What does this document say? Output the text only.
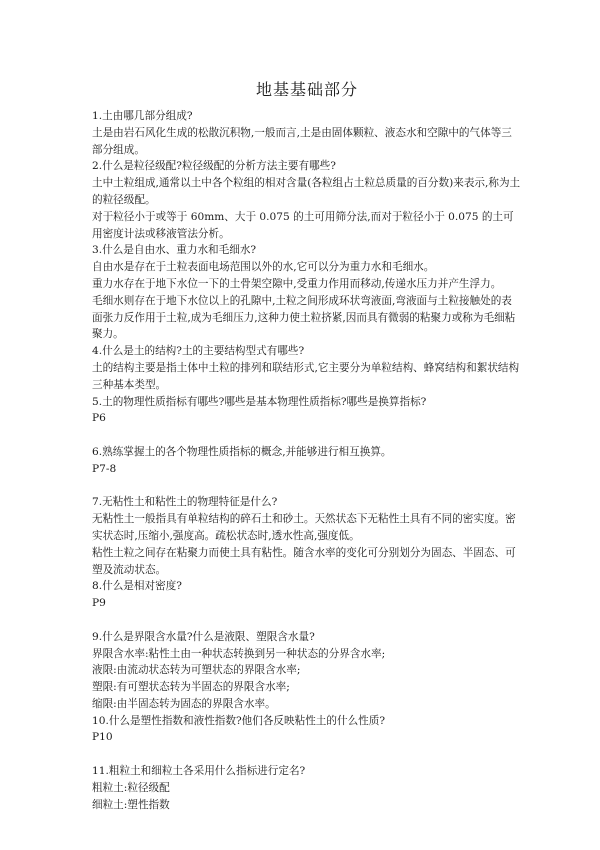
地基基础部分

1.土由哪几部分组成?

土是由岩石风化生成的松散沉积物,一般而言,土是由固体颗粒、液态水和空隙中的气体等三部分组成。

2.什么是粒径级配?粒径级配的分析方法主要有哪些?

土中土粒组成,通常以土中各个粒组的相对含量(各粒组占土粒总质量的百分数)来表示,称为土的粒径级配。

对于粒径小于或等于 60mm、大于 0.075 的土可用筛分法,而对于粒径小于 0.075 的土可用密度计法或移液管法分析。

3.什么是自由水、重力水和毛细水?

自由水是存在于土粒表面电场范围以外的水,它可以分为重力水和毛细水。

重力水存在于地下水位一下的土骨架空隙中,受重力作用而移动,传递水压力并产生浮力。

毛细水则存在于地下水位以上的孔隙中,土粒之间形成环状弯液面,弯液面与土粒接触处的表面张力反作用于土粒,成为毛细压力,这种力使土粒挤紧,因而具有微弱的粘聚力或称为毛细粘聚力。

4.什么是土的结构?土的主要结构型式有哪些?

土的结构主要是指土体中土粒的排列和联结形式,它主要分为单粒结构、蜂窝结构和絮状结构三种基本类型。

5.土的物理性质指标有哪些?哪些是基本物理性质指标?哪些是换算指标?

P6

6.熟练掌握土的各个物理性质指标的概念,并能够进行相互换算。

P7-8

7.无粘性土和粘性土的物理特征是什么?

无粘性土一般指具有单粒结构的碎石土和砂土。天然状态下无粘性土具有不同的密实度。密实状态时,压缩小,强度高。疏松状态时,透水性高,强度低。

粘性土粒之间存在粘聚力而使土具有粘性。随含水率的变化可分别划分为固态、半固态、可塑及流动状态。

8.什么是相对密度?

P9

9.什么是界限含水量?什么是液限、塑限含水量?

界限含水率:粘性土由一种状态转换到另一种状态的分界含水率;

液限:由流动状态转为可塑状态的界限含水率;

塑限:有可塑状态转为半固态的界限含水率;

缩限:由半固态转为固态的界限含水率。

10.什么是塑性指数和液性指数?他们各反映粘性土的什么性质?

P10

11.粗粒土和细粒土各采用什么指标进行定名?

粗粒土:粒径级配

细粒土:塑性指数
